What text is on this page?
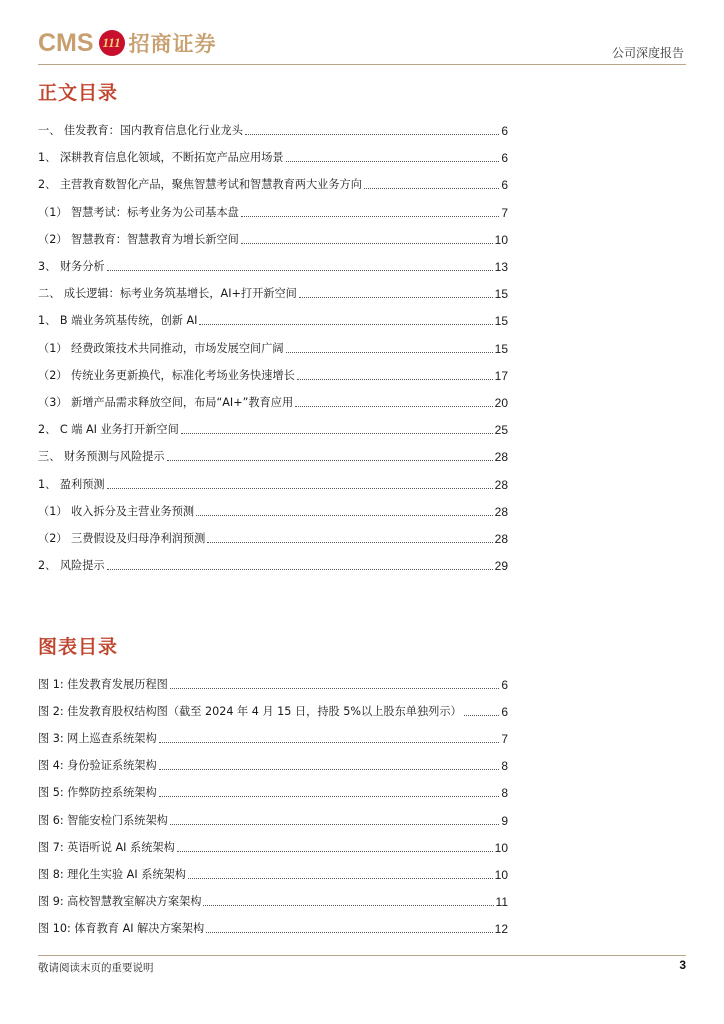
CMS 111 招商证券	公司深度报告
正文目录
一、 佳发教育：国内教育信息化行业龙头	6
1、 深耕教育信息化领域，不断拓宽产品应用场景	6
2、 主营教育数智化产品，聚焦智慧考试和智慧教育两大业务方向	6
（1） 智慧考试：标考业务为公司基本盘	7
（2） 智慧教育：智慧教育为增长新空间	10
3、 财务分析	13
二、 成长逻辑：标考业务筑基增长，AI+打开新空间	15
1、 B 端业务筑基传统，创新 AI	15
（1） 经费政策技术共同推动，市场发展空间广阔	15
（2） 传统业务更新换代，标准化考场业务快速增长	17
（3） 新增产品需求释放空间，布局“AI+”教育应用	20
2、 C 端 AI 业务打开新空间	25
三、 财务预测与风险提示	28
1、 盈利预测	28
（1） 收入拆分及主营业务预测	28
（2） 三费假设及归母净利润预测	28
2、 风险提示	29
图表目录
图 1: 佳发教育发展历程图	6
图 2: 佳发教育股权结构图（截至 2024 年 4 月 15 日，持股 5%以上股东单独列示）	6
图 3: 网上巡查系统架构	7
图 4: 身份验证系统架构	8
图 5: 作弊防控系统架构	8
图 6: 智能安检门系统架构	9
图 7: 英语听说 AI 系统架构	10
图 8: 理化生实验 AI 系统架构	10
图 9: 高校智慧教室解决方案架构	11
图 10: 体育教育 AI 解决方案架构	12
敬请阅读末页的重要说明	3
